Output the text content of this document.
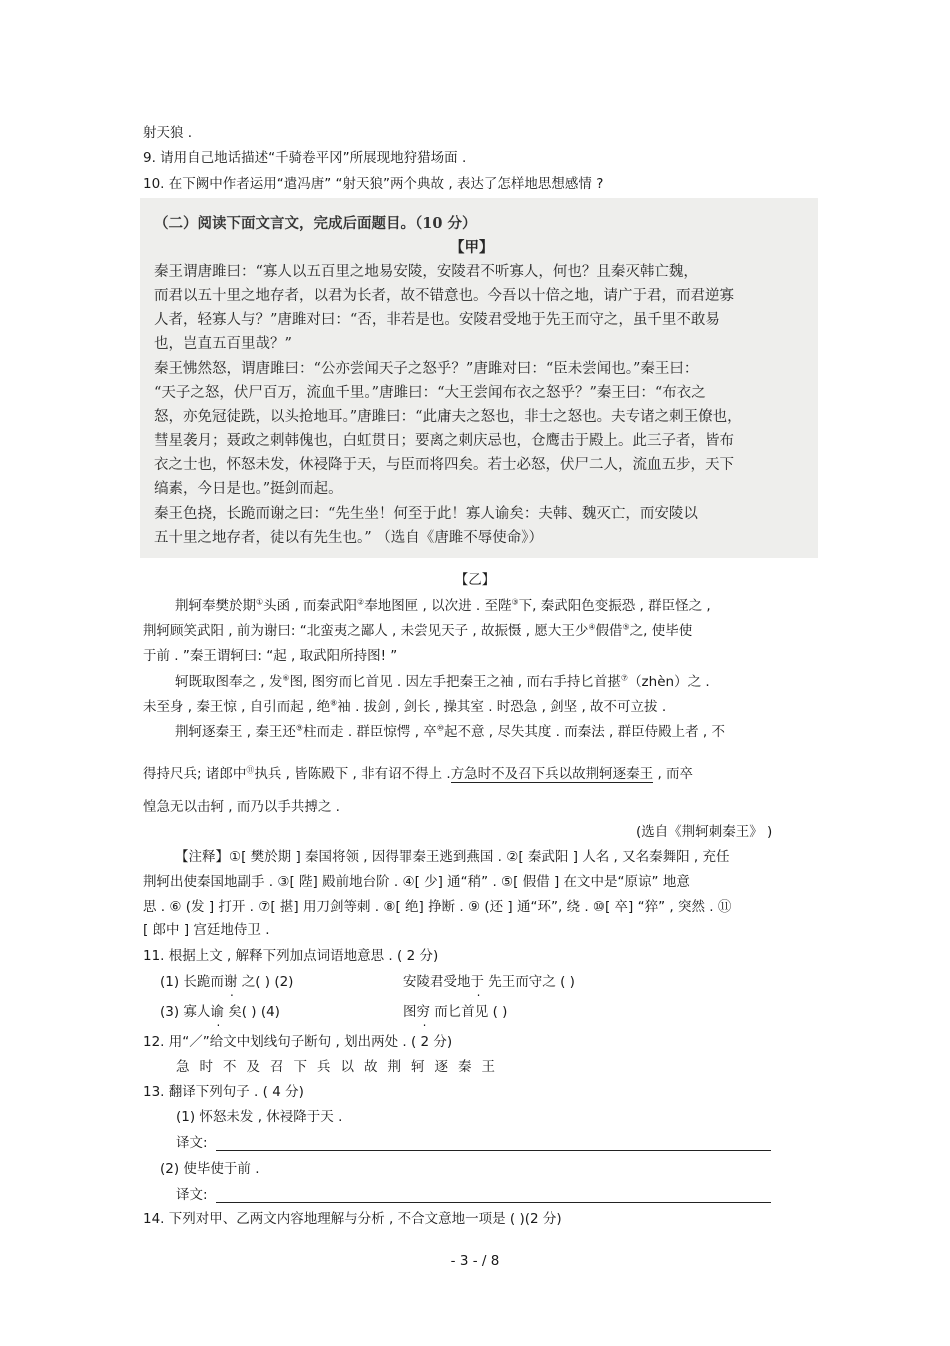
射天狼 .
9. 请用自己地话描述“千骑卷平冈”所展现地狩猎场面 .
10. 在下阙中作者运用“遣冯唐” “射天狼”两个典故 , 表达了怎样地思想感情 ?
（二）阅读下面文言文，完成后面题目。（10 分）
【甲】
秦王谓唐雎曰：“寡人以五百里之地易安陵，安陵君不听寡人，何也？且秦灭韩亡魏，
而君以五十里之地存者，以君为长者，故不错意也。今吾以十倍之地，请广于君，而君逆寡
人者，轻寡人与？”唐雎对曰：“否，非若是也。安陵君受地于先王而守之，虽千里不敢易
也，岂直五百里哉？”
秦王怫然怒，谓唐雎曰：“公亦尝闻天子之怒乎？”唐雎对曰：“臣未尝闻也。”秦王曰：
“天子之怒，伏尸百万，流血千里。”唐雎曰：“大王尝闻布衣之怒乎？”秦王曰：“布衣之
怒，亦免冠徒跣，以头抢地耳。”唐雎曰：“此庸夫之怒也，非士之怒也。夫专诸之刺王僚也，
彗星袭月；聂政之刺韩傀也，白虹贯日；要离之刺庆忌也，仓鹰击于殿上。此三子者，皆布
衣之士也，怀怒未发，休祲降于天，与臣而将四矣。若士必怒，伏尸二人，流血五步，天下
缟素，今日是也。”挺剑而起。
秦王色挠，长跪而谢之曰：“先生坐！何至于此！寡人谕矣：夫韩、魏灭亡，而安陵以
五十里之地存者，徒以有先生也。” （选自《唐雎不辱使命》）
【乙】
荆轲奉樊於期①头函 , 而秦武阳②奉地图匣 , 以次进 . 至陛③下, 秦武阳色变振恐 , 群臣怪之 ,
荆轲顾笑武阳 , 前为谢曰: “北蛮夷之鄙人 , 未尝见天子 , 故振慑 , 愿大王少④假借⑤之, 使毕使
于前 . ”秦王谓轲曰: “起 , 取武阳所持图! ”
轲既取图奉之 , 发⑥图, 图穷而匕首见 . 因左手把秦王之袖 , 而右手持匕首揕⑦（zhèn）之 .
未至身 , 秦王惊 , 自引而起 , 绝⑧袖 . 拔剑 , 剑长 , 操其室 . 时恐急 , 剑坚 , 故不可立拔 .
荆轲逐秦王 , 秦王还⑨柱而走 . 群臣惊愕 , 卒⑩起不意 , 尽失其度 . 而秦法 , 群臣侍殿上者 , 不
得持尺兵; 诸郎中⑪执兵 , 皆陈殿下 , 非有诏不得上 .方急时不及召下兵以故荆轲逐秦王 , 而卒
惶急无以击轲 , 而乃以手共搏之 .
(选自《荆轲刺秦王》 )
【注释】①[ 樊於期 ] 秦国将领 , 因得罪秦王逃到燕国 . ②[ 秦武阳 ] 人名 , 又名秦舞阳 , 充任
荆轲出使秦国地副手 . ③[ 陛] 殿前地台阶 . ④[ 少] 通“稍” . ⑤[ 假借 ] 在文中是“原谅” 地意
思 . ⑥ (发 ] 打开 . ⑦[ 揕] 用刀剑等刺 . ⑧[ 绝] 挣断 . ⑨ (还 ] 通“环”, 绕 . ⑩[ 卒] “猝” , 突然 . ⑪
[ 郎中 ] 宫廷地侍卫 .
11. 根据上文 , 解释下列加点词语地意思 . ( 2 分)
(1) 长跪而谢 之( ) (2)	安陵君受地于 先王而守之 ( )
(3) 寡人谕 矣( ) (4)	图穷 而匕首见 ( )
12. 用“／”给文中划线句子断句 , 划出两处 . ( 2 分)
急时不及召下兵以故荆轲逐秦王
13. 翻译下列句子 . ( 4 分)
(1) 怀怒未发 , 休祲降于天 .
译文:
(2) 使毕使于前 .
译文:
14. 下列对甲、乙两文内容地理解与分析 , 不合文意地一项是 ( )(2 分)
- 3 - / 8
